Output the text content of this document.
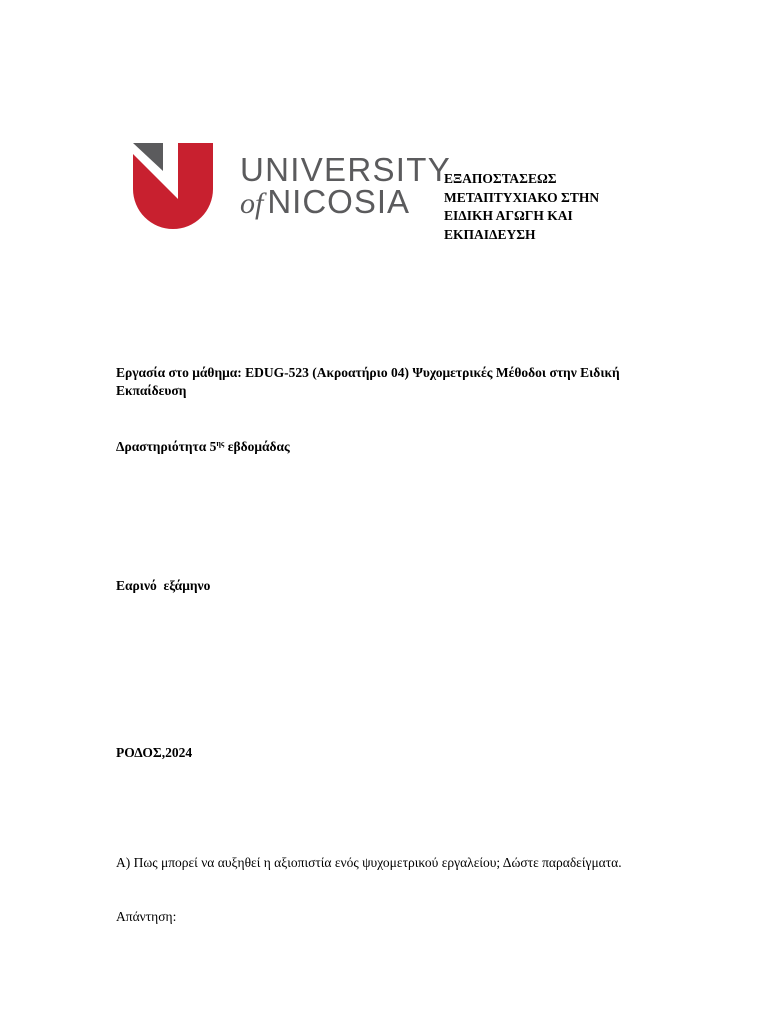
UNIVERSITY
of NICOSIA
ΕΞΑΠΟΣΤΑΣΕΩΣ
ΜΕΤΑΠΤΥΧΙΑΚΟ ΣΤΗΝ
ΕΙΔΙΚΗ ΑΓΩΓΗ ΚΑΙ
ΕΚΠΑΙΔΕΥΣΗ
Εργασία στο μάθημα: EDUG-523 (Ακροατήριο 04) Ψυχομετρικές Μέθοδοι στην Ειδική Εκπαίδευση
Δραστηριότητα $5^{\eta\varsigma}$ εβδομάδας
Εαρινό  εξάμηνο
ΡΟΔΟΣ,2024
Α) Πως μπορεί να αυξηθεί η αξιοπιστία ενός ψυχομετρικού εργαλείου; Δώστε παραδείγματα.
Απάντηση:
